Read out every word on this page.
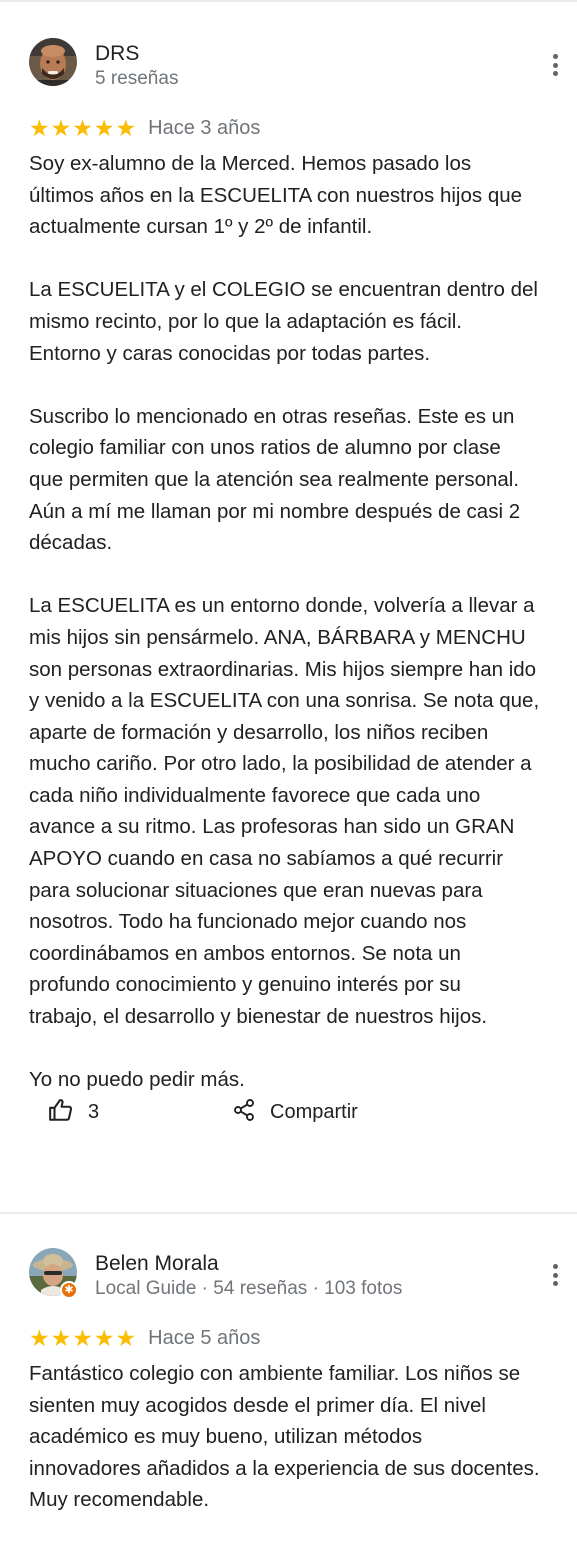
DRS
5 reseñas
★ ★ ★ ★ ★ Hace 3 años

Soy ex-alumno de la Merced. Hemos pasado los
últimos años en la ESCUELITA con nuestros hijos que
actualmente cursan 1º y 2º de infantil.

La ESCUELITA y el COLEGIO se encuentran dentro del
mismo recinto, por lo que la adaptación es fácil.
Entorno y caras conocidas por todas partes.

Suscribo lo mencionado en otras reseñas. Este es un
colegio familiar con unos ratios de alumno por clase
que permiten que la atención sea realmente personal.
Aún a mí me llaman por mi nombre después de casi 2
décadas.

La ESCUELITA es un entorno donde, volvería a llevar a
mis hijos sin pensármelo. ANA, BÁRBARA y MENCHU
son personas extraordinarias. Mis hijos siempre han ido
y venido a la ESCUELITA con una sonrisa. Se nota que,
aparte de formación y desarrollo, los niños reciben
mucho cariño. Por otro lado, la posibilidad de atender a
cada niño individualmente favorece que cada uno
avance a su ritmo. Las profesoras han sido un GRAN
APOYO cuando en casa no sabíamos a qué recurrir
para solucionar situaciones que eran nuevas para
nosotros. Todo ha funcionado mejor cuando nos
coordinábamos en ambos entornos. Se nota un
profundo conocimiento y genuino interés por su
trabajo, el desarrollo y bienestar de nuestros hijos.

Yo no puedo pedir más.

3	Compartir
✱
Belen Morala
Local Guide · 54 reseñas · 103 fotos
★ ★ ★ ★ ★ Hace 5 años

Fantástico colegio con ambiente familiar. Los niños se
sienten muy acogidos desde el primer día. El nivel
académico es muy bueno, utilizan métodos
innovadores añadidos a la experiencia de sus docentes.
Muy recomendable.
